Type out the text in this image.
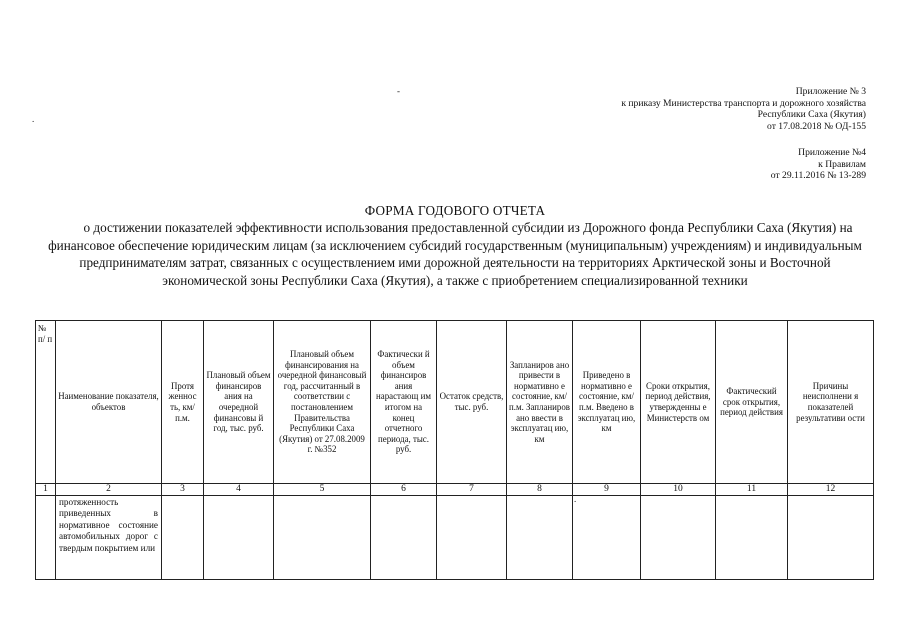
-
.
.
Приложение № 3
к приказу Министерства транспорта и дорожного хозяйства
Республики Саха (Якутия)
от 17.08.2018 № ОД-155
Приложение №4
к Правилам
от 29.11.2016 № 13-289
ФОРМА ГОДОВОГО ОТЧЕТА
о достижении показателей эффективности использования предоставленной субсидии из Дорожного фонда Республики Саха (Якутия) на финансовое обеспечение юридическим лицам (за исключением субсидий государственным (муниципальным) учреждениям) и индивидуальным предпринимателям затрат, связанных с осуществлением ими дорожной деятельности на территориях Арктической зоны и Восточной экономической зоны Республики Саха (Якутия), а также с приобретением специализированной техники
№ п/ п	Наименование показателя, объектов	Протя женнос ть, км/п.м.	Плановый объем финансиров ания на очередной финансовы й год, тыс. руб.	Плановый объем финансирования на очередной финансовый год, рассчитанный в соответствии с постановлением Правительства Республики Саха (Якутия) от 27.08.2009 г. №352	Фактически й объем финансиров ания нарастающ им итогом на конец отчетного периода, тыс. руб.	Остаток средств, тыс. руб.	Запланиров ано привести в нормативно е состояние, км/п.м. Запланиров ано ввести в эксплуатац ию, км	Приведено в нормативно е состояние, км/п.м. Введено в эксплуатац ию, км	Сроки открытия, период действия, утвержденны е Министерств ом	Фактический срок открытия, период действия	Причины неисполнени я показателей результативи ости
1	2	3	4	5	6	7	8	9	10	11	12
	протяженность приведенных в нормативное состояние автомобильных дорог с твердым покрытием или										
